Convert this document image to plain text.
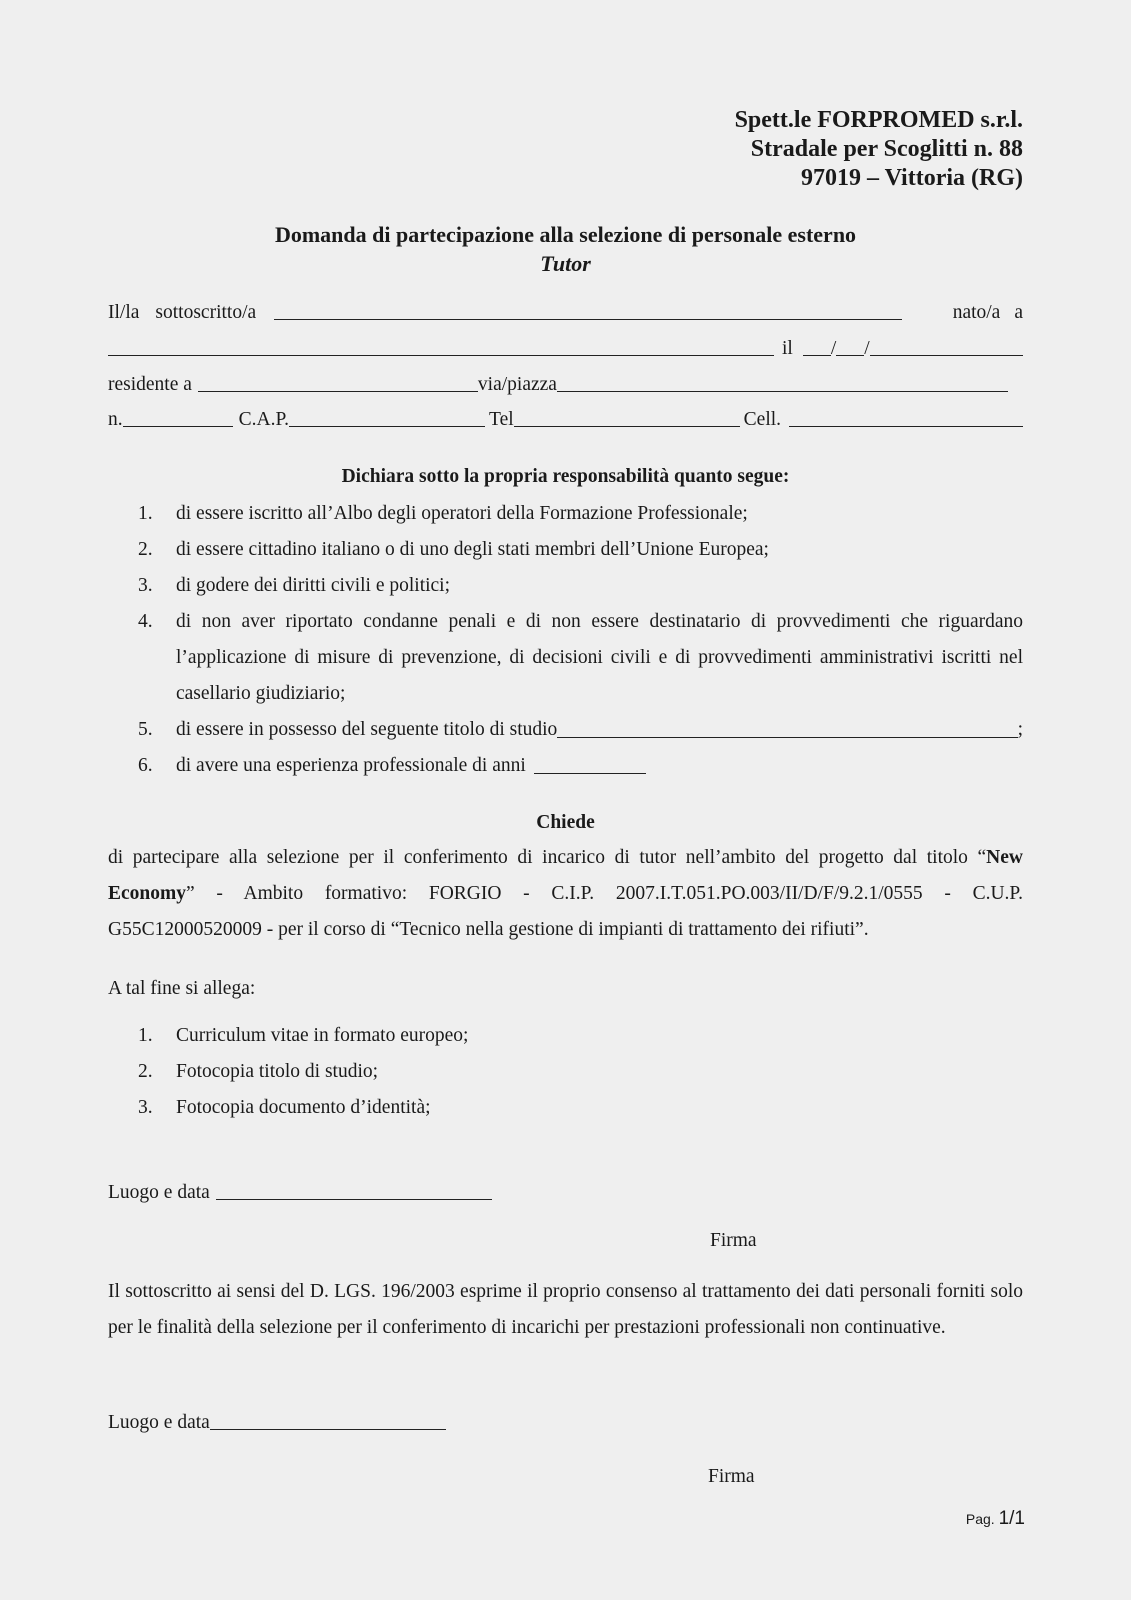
Spett.le FORPROMED s.r.l.
Stradale per Scoglitti n. 88
97019 – Vittoria (RG)
Domanda di partecipazione alla selezione di personale esterno
Tutor
Il/la sottoscritto/a	nato/a a
il / /
residente a	via/piazza
n.	C.A.P.	Tel	Cell.
Dichiara sotto la propria responsabilità quanto segue:
1.	di essere iscritto all’Albo degli operatori della Formazione Professionale;
2.	di essere cittadino italiano o di uno degli stati membri dell’Unione Europea;
3.	di godere dei diritti civili e politici;
4.	di non aver riportato condanne penali e di non essere destinatario di provvedimenti che riguardano l’applicazione di misure di prevenzione, di decisioni civili e di provvedimenti amministrativi iscritti nel casellario giudiziario;
5.	di essere in possesso del seguente titolo di studio	;
6.	di avere una esperienza professionale di anni
Chiede
di partecipare alla selezione per il conferimento di incarico di tutor nell’ambito del progetto dal titolo “New Economy” - Ambito formativo: FORGIO - C.I.P. 2007.I.T.051.PO.003/II/D/F/9.2.1/0555 - C.U.P. G55C12000520009 - per il corso di “Tecnico nella gestione di impianti di trattamento dei rifiuti”.
A tal fine si allega:
1.	Curriculum vitae in formato europeo;
2.	Fotocopia titolo di studio;
3.	Fotocopia documento d’identità;
Luogo e data
Firma
Il sottoscritto ai sensi del D. LGS. 196/2003 esprime il proprio consenso al trattamento dei dati personali forniti solo per le finalità della selezione per il conferimento di incarichi per prestazioni professionali non continuative.
Luogo e data
Firma
Pag. 1/1
